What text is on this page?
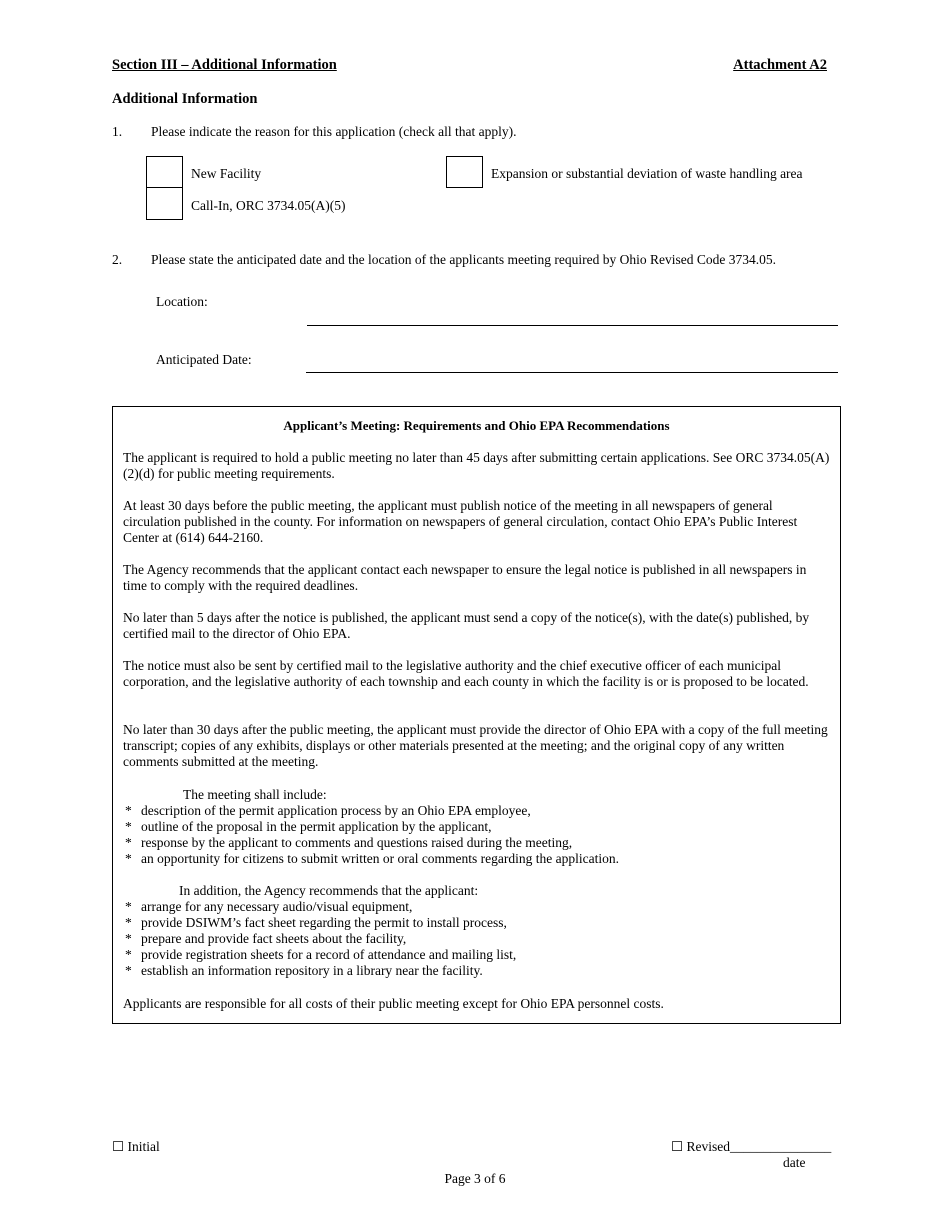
Section III – Additional Information	Attachment A2
Additional Information
1. Please indicate the reason for this application (check all that apply).
New Facility	Expansion or substantial deviation of waste handling area
Call-In, ORC 3734.05(A)(5)
2. Please state the anticipated date and the location of the applicants meeting required by Ohio Revised Code 3734.05.
Location:
Anticipated Date:
Applicant’s Meeting: Requirements and Ohio EPA Recommendations
The applicant is required to hold a public meeting no later than 45 days after submitting certain applications. See ORC 3734.05(A)(2)(d) for public meeting requirements.
At least 30 days before the public meeting, the applicant must publish notice of the meeting in all newspapers of general circulation published in the county. For information on newspapers of general circulation, contact Ohio EPA’s Public Interest Center at (614) 644-2160.
The Agency recommends that the applicant contact each newspaper to ensure the legal notice is published in all newspapers in time to comply with the required deadlines.
No later than 5 days after the notice is published, the applicant must send a copy of the notice(s), with the date(s) published, by certified mail to the director of Ohio EPA.
The notice must also be sent by certified mail to the legislative authority and the chief executive officer of each municipal corporation, and the legislative authority of each township and each county in which the facility is or is proposed to be located.
No later than 30 days after the public meeting, the applicant must provide the director of Ohio EPA with a copy of the full meeting transcript; copies of any exhibits, displays or other materials presented at the meeting; and the original copy of any written comments submitted at the meeting.
The meeting shall include:
* description of the permit application process by an Ohio EPA employee,
* outline of the proposal in the permit application by the applicant,
* response by the applicant to comments and questions raised during the meeting,
* an opportunity for citizens to submit written or oral comments regarding the application.
In addition, the Agency recommends that the applicant:
* arrange for any necessary audio/visual equipment,
* provide DSIWM’s fact sheet regarding the permit to install process,
* prepare and provide fact sheets about the facility,
* provide registration sheets for a record of attendance and mailing list,
* establish an information repository in a library near the facility.
Applicants are responsible for all costs of their public meeting except for Ohio EPA personnel costs.
☐ Initial	☐ Revised_______________
date
Page 3 of 6
